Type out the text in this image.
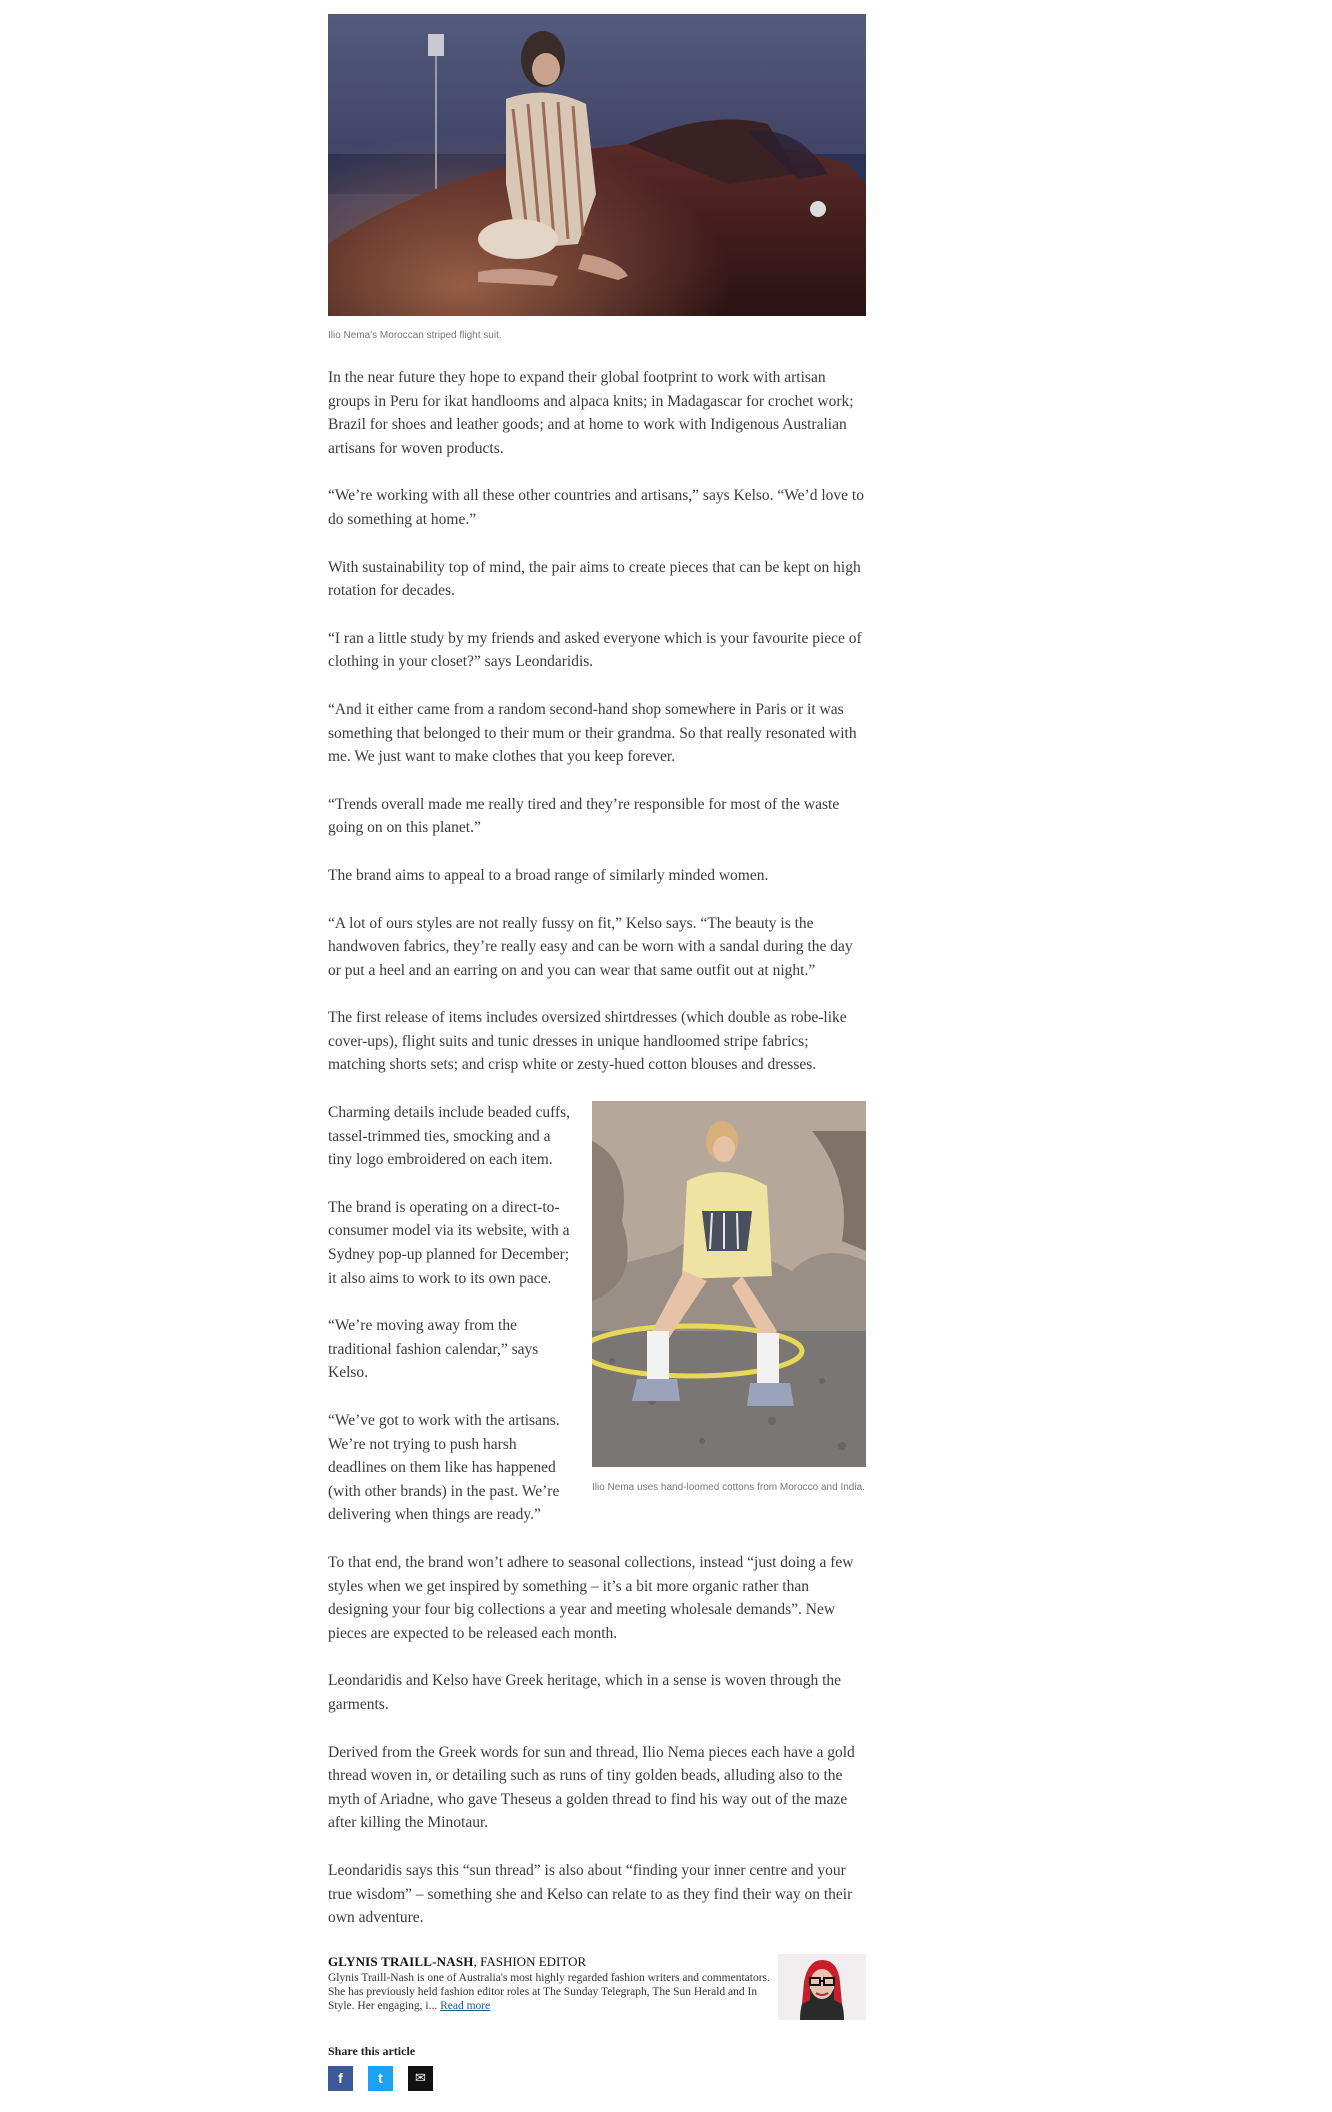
Ilio Nema's Moroccan striped flight suit.

In the near future they hope to expand their global footprint to work with artisan groups in Peru for ikat handlooms and alpaca knits; in Madagascar for crochet work; Brazil for shoes and leather goods; and at home to work with Indigenous Australian artisans for woven products.

“We’re working with all these other countries and artisans,” says Kelso. “We’d love to do something at home.”

With sustainability top of mind, the pair aims to create pieces that can be kept on high rotation for decades.

“I ran a little study by my friends and asked everyone which is your favourite piece of clothing in your closet?” says Leondaridis.

“And it either came from a random second-hand shop somewhere in Paris or it was something that belonged to their mum or their grandma. So that really resonated with me. We just want to make clothes that you keep forever.

“Trends overall made me really tired and they’re responsible for most of the waste going on on this planet.”

The brand aims to appeal to a broad range of similarly minded women.

“A lot of ours styles are not really fussy on fit,” Kelso says. “The beauty is the handwoven fabrics, they’re really easy and can be worn with a sandal during the day or put a heel and an earring on and you can wear that same outfit out at night.”

The first release of items includes oversized shirtdresses (which double as robe-like cover-ups), flight suits and tunic dresses in unique handloomed stripe fabrics; matching shorts sets; and crisp white or zesty-hued cotton blouses and dresses.

Ilio Nema uses hand-loomed cottons from Morocco and India.

Charming details include beaded cuffs, tassel-trimmed ties, smocking and a tiny logo embroidered on each item.

The brand is operating on a direct-to-consumer model via its website, with a Sydney pop-up planned for December; it also aims to work to its own pace.

“We’re moving away from the traditional fashion calendar,” says Kelso.

“We’ve got to work with the artisans. We’re not trying to push harsh deadlines on them like has happened (with other brands) in the past. We’re delivering when things are ready.”

To that end, the brand won’t adhere to seasonal collections, instead “just doing a few styles when we get inspired by something – it’s a bit more organic rather than designing your four big collections a year and meeting wholesale demands”. New pieces are expected to be released each month.

Leondaridis and Kelso have Greek heritage, which in a sense is woven through the garments.

Derived from the Greek words for sun and thread, Ilio Nema pieces each have a gold thread woven in, or detailing such as runs of tiny golden beads, alluding also to the myth of Ariadne, who gave Theseus a golden thread to find his way out of the maze after killing the Minotaur.

Leondaridis says this “sun thread” is also about “finding your inner centre and your true wisdom” – something she and Kelso can relate to as they find their way on their own adventure.

GLYNIS TRAILL-NASH, FASHION EDITOR
Glynis Traill-Nash is one of Australia's most highly regarded fashion writers and commentators. She has previously held fashion editor roles at The Sunday Telegraph, The Sun Herald and In Style. Her engaging, i... Read more
Share this article
f	t ✉
